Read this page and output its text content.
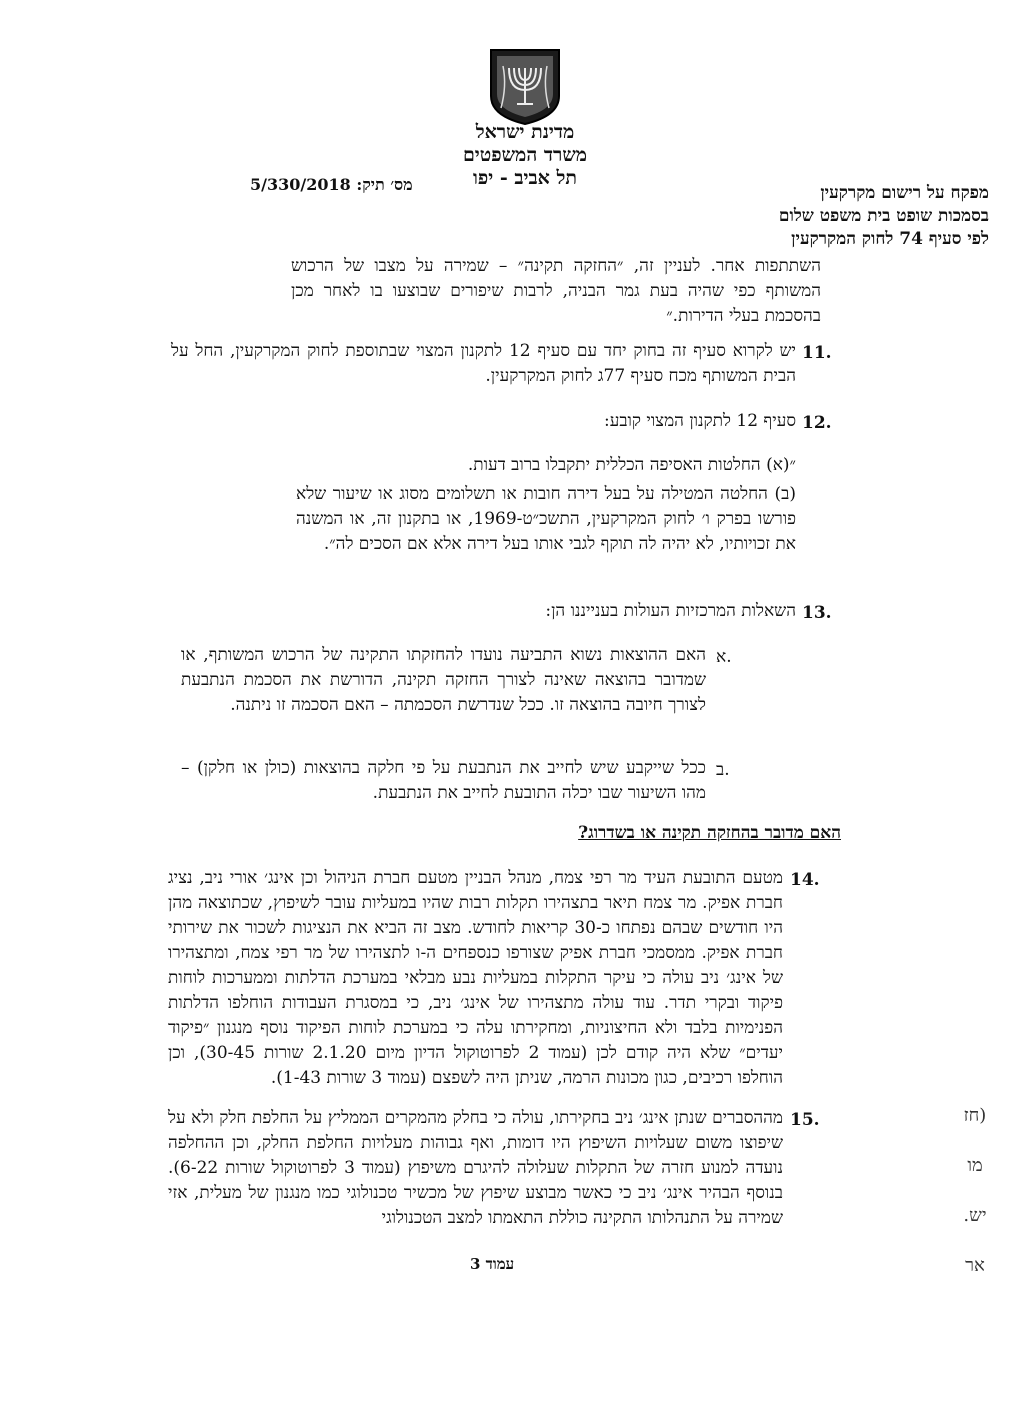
מדינת ישראל
משרד המשפטים
תל אביב - יפו
מס׳ תיק: 5/330/2018	מפקח על רישום מקרקעין
בסמכות שופט בית משפט שלום
לפי סעיף 74 לחוק המקרקעין
השתתפות אחר. לעניין זה, ״החזקה תקינה״ – שמירה על מצבו של הרכוש המשותף כפי שהיה בעת גמר הבניה, לרבות שיפורים שבוצעו בו לאחר מכן בהסכמת בעלי הדירות.״
11.
יש לקרוא סעיף זה בחוק יחד עם סעיף 12 לתקנון המצוי שבתוספת לחוק המקרקעין, החל על הבית המשותף מכח סעיף 77ג לחוק המקרקעין.
12.
סעיף 12 לתקנון המצוי קובע:
״(א) החלטות האסיפה הכללית יתקבלו ברוב דעות.
(ב) החלטה המטילה על בעל דירה חובות או תשלומים מסוג או שיעור שלא פורשו בפרק ו׳ לחוק המקרקעין, התשכ״ט-1969, או בתקנון זה, או המשנה את זכויותיו, לא יהיה לה תוקף לגבי אותו בעל דירה אלא אם הסכים לה״.
13.
השאלות המרכזיות העולות בענייננו הן:
א.
האם ההוצאות נשוא התביעה נועדו להחזקתו התקינה של הרכוש המשותף, או שמדובר בהוצאה שאינה לצורך החזקה תקינה, הדורשת את הסכמת הנתבעת לצורך חיובה בהוצאה זו. ככל שנדרשת הסכמתה – האם הסכמה זו ניתנה.
ב.
ככל שייקבע שיש לחייב את הנתבעת על פי חלקה בהוצאות (כולן או חלקן) – מהו השיעור שבו יכלה התובעת לחייב את הנתבעת.
האם מדובר בהחזקה תקינה או בשדרוג?
14.
מטעם התובעת העיד מר רפי צמח, מנהל הבניין מטעם חברת הניהול וכן אינג׳ אורי ניב, נציג חברת אפיק. מר צמח תיאר בתצהירו תקלות רבות שהיו במעליות עובר לשיפוץ, שכתוצאה מהן היו חודשים שבהם נפתחו כ-30 קריאות לחודש. מצב זה הביא את הנציגות לשכור את שירותי חברת אפיק. ממסמכי חברת אפיק שצורפו כנספחים ה-ו לתצהירו של מר רפי צמח, ומתצהירו של אינג׳ ניב עולה כי עיקר התקלות במעליות נבע מבלאי במערכת הדלתות וממערכות לוחות פיקוד ובקרי תדר. עוד עולה מתצהירו של אינג׳ ניב, כי במסגרת העבודות הוחלפו הדלתות הפנימיות בלבד ולא החיצוניות, ומחקירתו עלה כי במערכת לוחות הפיקוד נוסף מנגנון ״פיקוד יעדים״ שלא היה קודם לכן (עמוד 2 לפרוטוקול הדיון מיום 2.1.20 שורות 30-45), וכן הוחלפו רכיבים, כגון מכונות הרמה, שניתן היה לשפצם (עמוד 3 שורות 1-43).
15.
מההסברים שנתן אינג׳ ניב בחקירתו, עולה כי בחלק מהמקרים הממליץ על החלפת חלק ולא על שיפוצו משום שעלויות השיפוץ היו דומות, ואף גבוהות מעלויות החלפת החלק, וכן ההחלפה נועדה למנוע חזרה של התקלות שעלולה להיגרם משיפוץ (עמוד 3 לפרוטוקול שורות 6-22). בנוסף הבהיר אינג׳ ניב כי כאשר מבוצע שיפוץ של מכשיר טכנולוגי כמו מנגנון של מעלית, אזי שמירה על התנהלותו התקינה כוללת התאמתו למצב הטכנולוגי
עמוד 3
(חז
מו
יש.
אר
